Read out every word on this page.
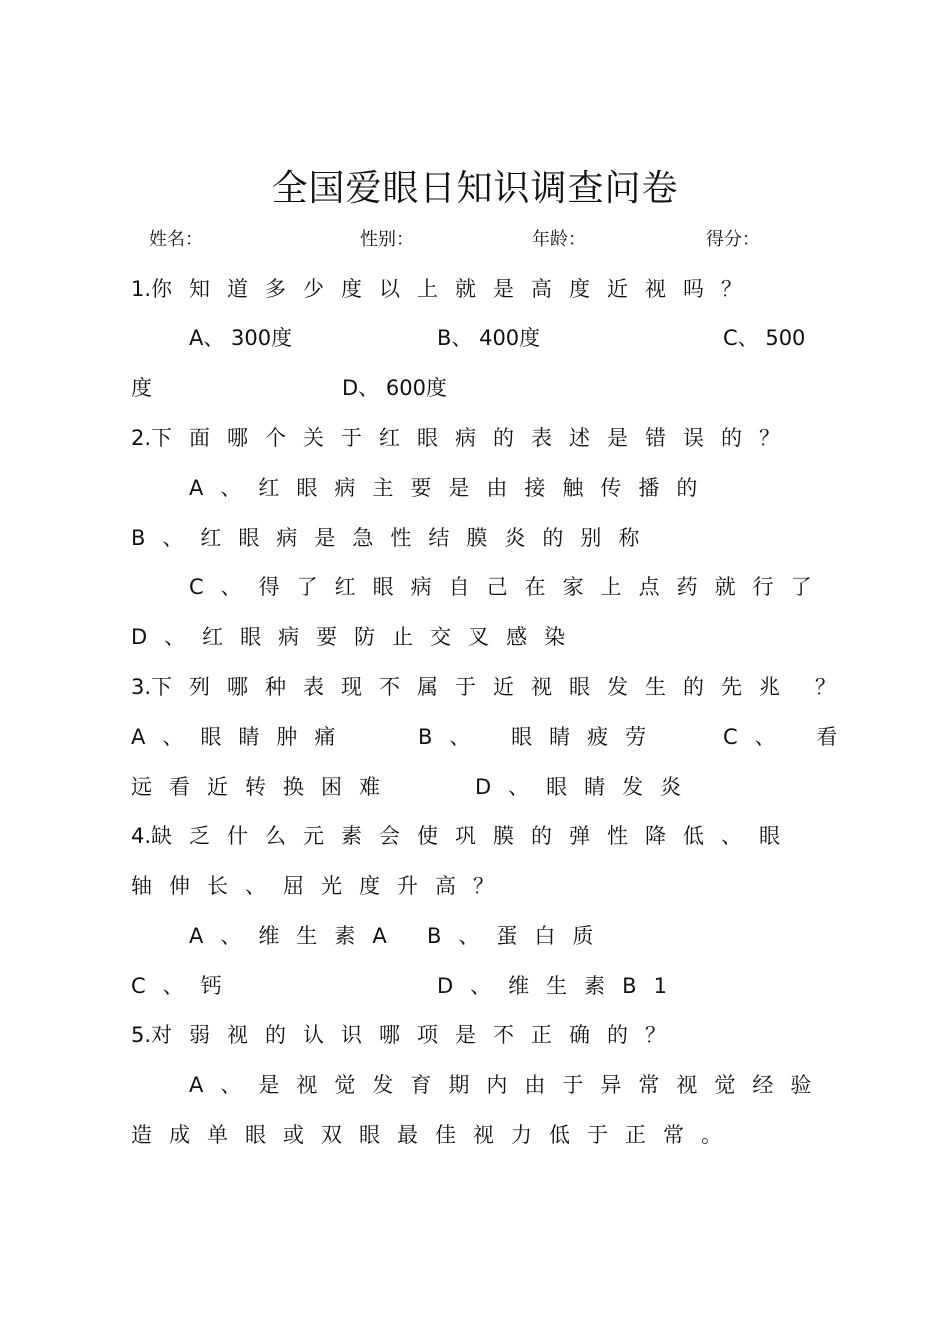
全国爱眼日知识调查问卷
姓名：	性别：	年龄：	得分：
1.你知道多少度以上就是高度近视吗？
A、 300度	B、 400度	C、 500
度	D、 600度
2.下面哪个关于红眼病的表述是错误的？
A、红眼病主要是由接触传播的
B、红眼病是急性结膜炎的别称
C、得了红眼病自己在家上点药就行了
D、红眼病要防止交叉感染
3.下列哪种表现不属于近视眼发生的先兆 ？
A、眼睛肿痛	B、 眼睛疲劳	C、 看
远看近转换困难	D、眼睛发炎
4.缺乏什么元素会使巩膜的弹性降低、眼
轴伸长、屈光度升高？
A、维生素A B、蛋白质
C、钙	D、维生素B1
5.对弱视的认识哪项是不正确的？
A、是视觉发育期内由于异常视觉经验
造成单眼或双眼最佳视力低于正常。
